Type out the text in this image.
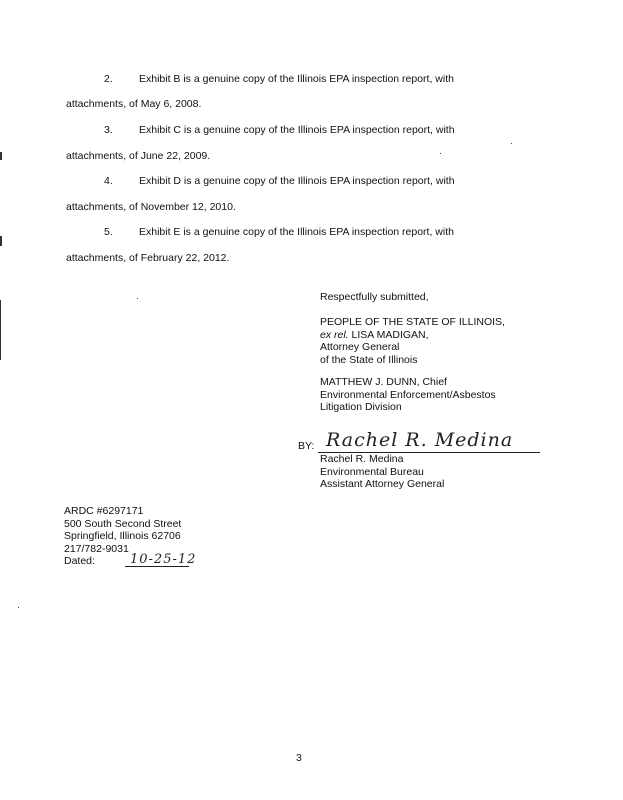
2. Exhibit B is a genuine copy of the Illinois EPA inspection report, with
attachments, of May 6, 2008.
3. Exhibit C is a genuine copy of the Illinois EPA inspection report, with
attachments, of June 22, 2009.
4. Exhibit D is a genuine copy of the Illinois EPA inspection report, with
attachments, of November 12, 2010.
5. Exhibit E is a genuine copy of the Illinois EPA inspection report, with
attachments, of February 22, 2012.
Respectfully submitted,
PEOPLE OF THE STATE OF ILLINOIS,
ex rel. LISA MADIGAN,
Attorney General
of the State of Illinois
MATTHEW J. DUNN, Chief
Environmental Enforcement/Asbestos
Litigation Division
BY: Rachel R. Medina
Rachel R. Medina
Environmental Bureau
Assistant Attorney General
ARDC #6297171
500 South Second Street
Springfield, Illinois 62706
217/782-9031
Dated:	10-25-12
3
